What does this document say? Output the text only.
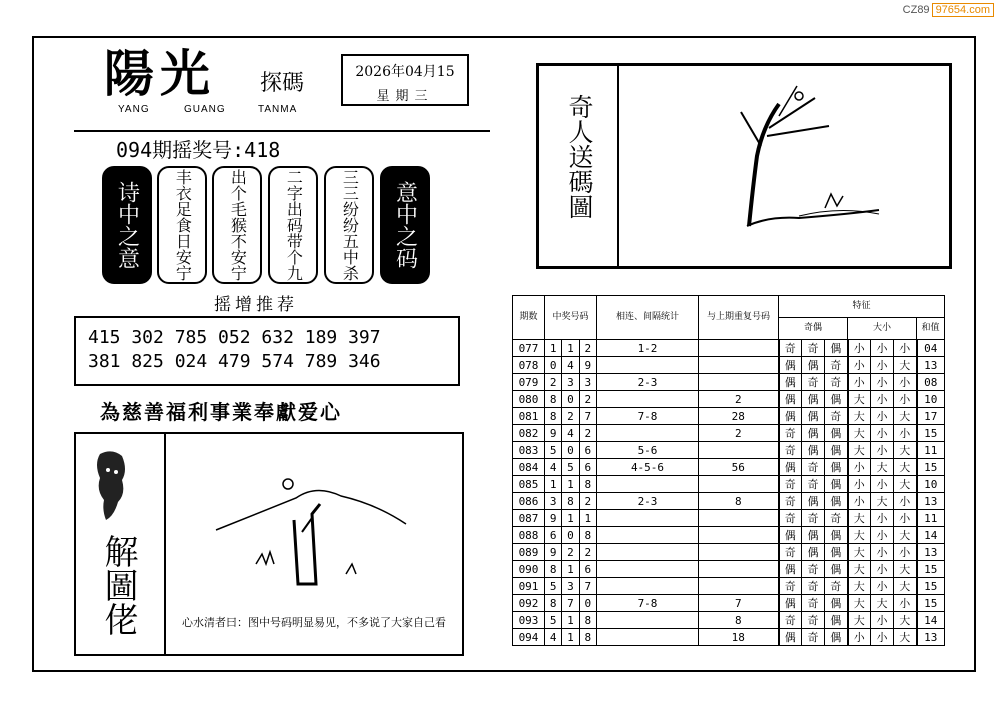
CZ89 97654.com
陽光 探碼
YANG	GUANG	TANMA
2026年04月15
星期三
094期摇奖号:418
诗中之意	丰衣足食日安宁	出个毛猴不安宁	二字出码带个九	三三纷纷五中杀	意中之码
摇增推荐
415 302 785 052 632 189 397
381 825 024 479 574 789 346
為慈善福利事業奉獻爱心
解圖佬	心水清者曰：图中号码明显易见，不多说了大家自己看
奇人送碼圖
期数	中奖号码			相连、间隔统计	与上期重复号码	特征						
						奇偶			大小			和值
077	1	1	2	1-2		奇	奇	偶	小	小	小	04
078	0	4	9			偶	偶	奇	小	小	大	13
079	2	3	3	2-3		偶	奇	奇	小	小	小	08
080	8	0	2		2	偶	偶	偶	大	小	小	10
081	8	2	7	7-8	28	偶	偶	奇	大	小	大	17
082	9	4	2		2	奇	偶	偶	大	小	小	15
083	5	0	6	5-6		奇	偶	偶	大	小	大	11
084	4	5	6	4-5-6	56	偶	奇	偶	小	大	大	15
085	1	1	8			奇	奇	偶	小	小	大	10
086	3	8	2	2-3	8	奇	偶	偶	小	大	小	13
087	9	1	1			奇	奇	奇	大	小	小	11
088	6	0	8			偶	偶	偶	大	小	大	14
089	9	2	2			奇	偶	偶	大	小	小	13
090	8	1	6			偶	奇	偶	大	小	大	15
091	5	3	7			奇	奇	奇	大	小	大	15
092	8	7	0	7-8	7	偶	奇	偶	大	大	小	15
093	5	1	8		8	奇	奇	偶	大	小	大	14
094	4	1	8		18	偶	奇	偶	小	小	大	13
